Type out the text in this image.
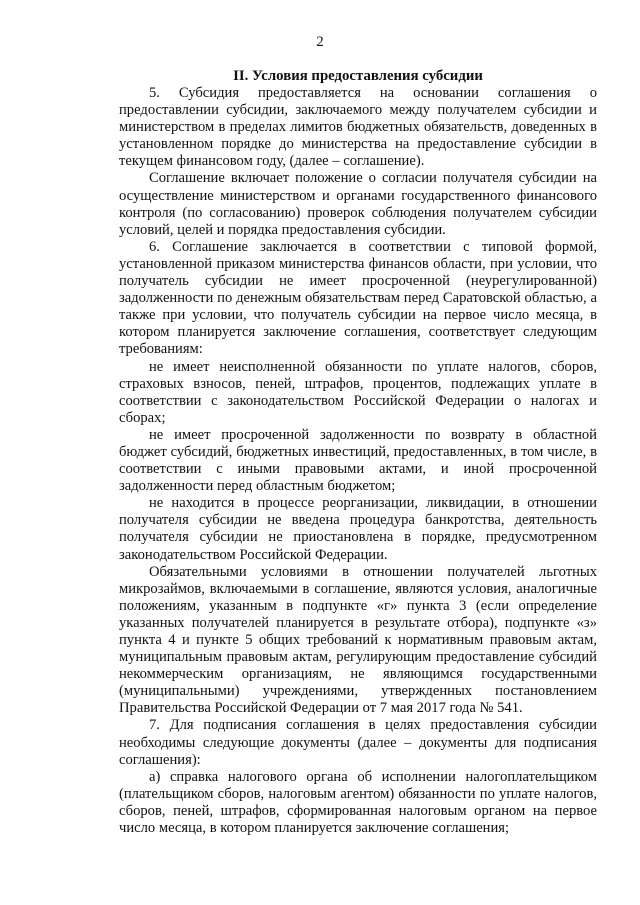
2
II. Условия предоставления субсидии

5. Субсидия предоставляется на основании соглашения о предоставлении субсидии, заключаемого между получателем субсидии и министерством в пределах лимитов бюджетных обязательств, доведенных в установленном порядке до министерства на предоставление субсидии в текущем финансовом году, (далее – соглашение).

Соглашение включает положение о согласии получателя субсидии на осуществление министерством и органами государственного финансового контроля (по согласованию) проверок соблюдения получателем субсидии условий, целей и порядка предоставления субсидии.

6. Соглашение заключается в соответствии с типовой формой, установленной приказом министерства финансов области, при условии, что получатель субсидии не имеет просроченной (неурегулированной) задолженности по денежным обязательствам перед Саратовской областью, а также при условии, что получатель субсидии на первое число месяца, в котором планируется заключение соглашения, соответствует следующим требованиям:

не имеет неисполненной обязанности по уплате налогов, сборов, страховых взносов, пеней, штрафов, процентов, подлежащих уплате в соответствии с законодательством Российской Федерации о налогах и сборах;

не имеет просроченной задолженности по возврату в областной бюджет субсидий, бюджетных инвестиций, предоставленных, в том числе, в соответствии с иными правовыми актами, и иной просроченной задолженности перед областным бюджетом;

не находится в процессе реорганизации, ликвидации, в отношении получателя субсидии не введена процедура банкротства, деятельность получателя субсидии не приостановлена в порядке, предусмотренном законодательством Российской Федерации.

Обязательными условиями в отношении получателей льготных микрозаймов, включаемыми в соглашение, являются условия, аналогичные положениям, указанным в подпункте «г» пункта 3 (если определение указанных получателей планируется в результате отбора), подпункте «з» пункта 4 и пункте 5 общих требований к нормативным правовым актам, муниципальным правовым актам, регулирующим предоставление субсидий некоммерческим организациям, не являющимся государственными (муниципальными) учреждениями, утвержденных постановлением Правительства Российской Федерации от 7 мая 2017 года № 541.

7. Для подписания соглашения в целях предоставления субсидии необходимы следующие документы (далее – документы для подписания соглашения):

а) справка налогового органа об исполнении налогоплательщиком (плательщиком сборов, налоговым агентом) обязанности по уплате налогов, сборов, пеней, штрафов, сформированная налоговым органом на первое число месяца, в котором планируется заключение соглашения;
